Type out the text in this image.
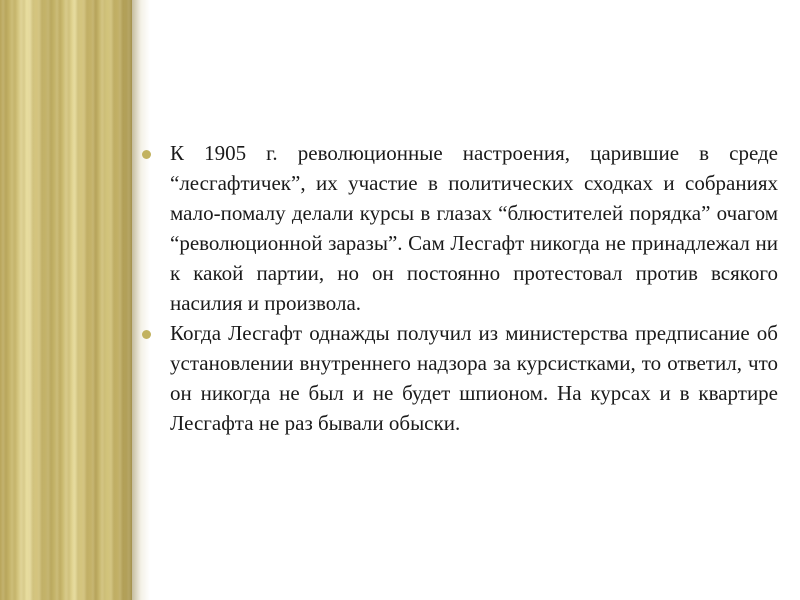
К 1905 г. революционные настроения, царившие в среде “лесгафтичек”, их участие в политических сходках и собраниях мало-помалу делали курсы в глазах “блюстителей порядка” очагом “революционной заразы”. Сам Лесгафт никогда не принадлежал ни к какой партии, но он постоянно протестовал против всякого насилия и произвола.
Когда Лесгафт однажды получил из министерства предписание об установлении внутреннего надзора за курсистками, то ответил, что он никогда не был и не будет шпионом. На курсах и в квартире Лесгафта не раз бывали обыски.
